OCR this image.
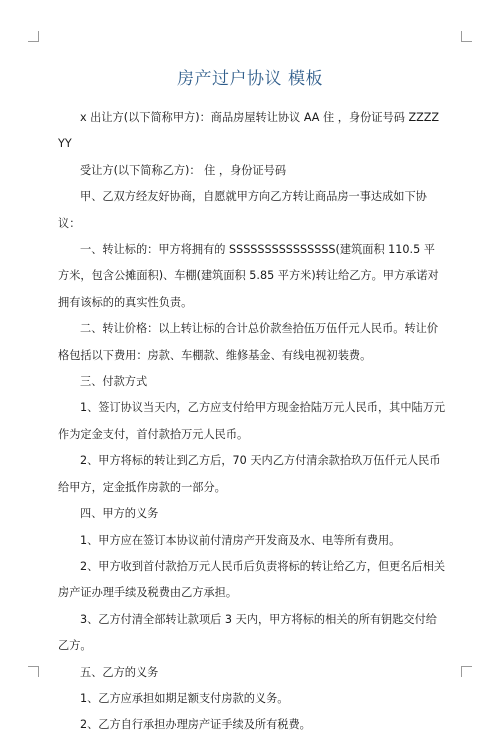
房产过户协议 模板

x 出让方(以下简称甲方)：商品房屋转让协议 AA 住 ，身份证号码 ZZZZ YY

受让方(以下简称乙方)： 住 ，身份证号码

甲、乙双方经友好协商，自愿就甲方向乙方转让商品房一事达成如下协议：

一、转让标的：甲方将拥有的 SSSSSSSSSSSSSSS(建筑面积 110.5 平方米，包含公摊面积)、车棚(建筑面积 5.85 平方米)转让给乙方。甲方承诺对拥有该标的的真实性负责。

二、转让价格：以上转让标的合计总价款叁拾伍万伍仟元人民币。转让价格包括以下费用：房款、车棚款、维修基金、有线电视初装费。

三、付款方式

1、签订协议当天内，乙方应支付给甲方现金拾陆万元人民币，其中陆万元作为定金支付，首付款拾万元人民币。

2、甲方将标的转让到乙方后，70 天内乙方付清余款拾玖万伍仟元人民币给甲方，定金抵作房款的一部分。

四、甲方的义务

1、甲方应在签订本协议前付清房产开发商及水、电等所有费用。

2、甲方收到首付款拾万元人民币后负责将标的转让给乙方，但更名后相关房产证办理手续及税费由乙方承担。

3、乙方付清全部转让款项后 3 天内，甲方将标的相关的所有钥匙交付给乙方。

五、乙方的义务

1、乙方应承担如期足额支付房款的义务。

2、乙方自行承担办理房产证手续及所有税费。
